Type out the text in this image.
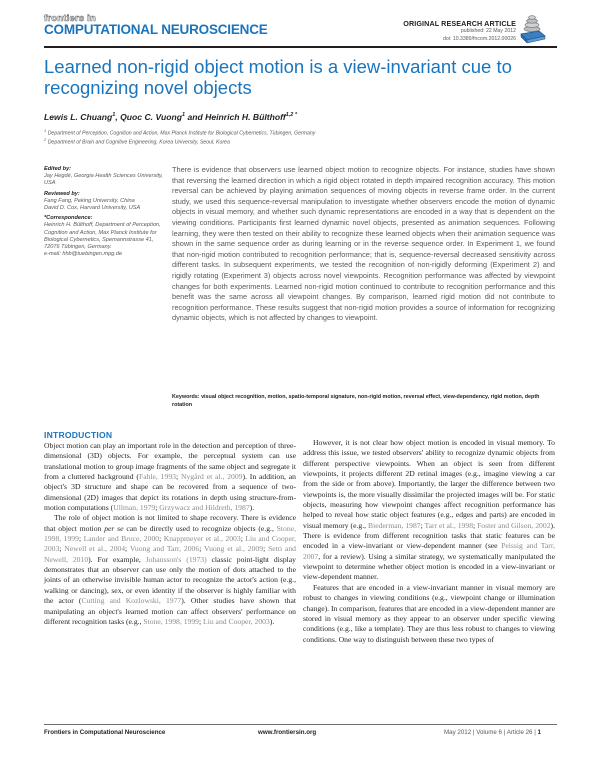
frontiers in
COMPUTATIONAL NEUROSCIENCE	ORIGINAL RESEARCH ARTICLE
published: 22 May 2012
doi: 10.3389/fncom.2012.00026
Learned non-rigid object motion is a view-invariant cue to recognizing novel objects
Lewis L. Chuang$^1$, Quoc C. Vuong$^1$ and Heinrich H. Bülthoff$^{1,2 *}$
$^1$ Department of Perception, Cognition and Action, Max Planck Institute for Biological Cybernetics, Tübingen, Germany
$^2$ Department of Brain and Cognitive Engineering, Korea University, Seoul, Korea
Edited by:
Jay Hegdé, Georgia Health Sciences University, USA
Reviewed by:
Fang Fang, Peking University, China
David D. Cox, Harvard University, USA
*Correspondence:
Heinrich H. Bülthoff, Department of Perception, Cognition and Action, Max Planck Institute for Biological Cybernetics, Spemannstrasse 41, 72076 Tübingen, Germany.
e-mail: hhb@tuebingen.mpg.de
There is evidence that observers use learned object motion to recognize objects. For instance, studies have shown that reversing the learned direction in which a rigid object rotated in depth impaired recognition accuracy. This motion reversal can be achieved by playing animation sequences of moving objects in reverse frame order. In the current study, we used this sequence-reversal manipulation to investigate whether observers encode the motion of dynamic objects in visual memory, and whether such dynamic representations are encoded in a way that is dependent on the viewing conditions. Participants first learned dynamic novel objects, presented as animation sequences. Following learning, they were then tested on their ability to recognize these learned objects when their animation sequence was shown in the same sequence order as during learning or in the reverse sequence order. In Experiment 1, we found that non-rigid motion contributed to recognition performance; that is, sequence-reversal decreased sensitivity across different tasks. In subsequent experiments, we tested the recognition of non-rigidly deforming (Experiment 2) and rigidly rotating (Experiment 3) objects across novel viewpoints. Recognition performance was affected by viewpoint changes for both experiments. Learned non-rigid motion continued to contribute to recognition performance and this benefit was the same across all viewpoint changes. By comparison, learned rigid motion did not contribute to recognition performance. These results suggest that non-rigid motion provides a source of information for recognizing dynamic objects, which is not affected by changes to viewpoint.
Keywords: visual object recognition, motion, spatio-temporal signature, non-rigid motion, reversal effect, view-dependency, rigid motion, depth rotation
INTRODUCTION

Object motion can play an important role in the detection and perception of three-dimensional (3D) objects. For example, the perceptual system can use translational motion to group image fragments of the same object and segregate it from a cluttered background (Fahle, 1993; Nygård et al., 2009). In addition, an object's 3D structure and shape can be recovered from a sequence of two-dimensional (2D) images that depict its rotations in depth using structure-from-motion computations (Ullman, 1979; Grzywacz and Hildreth, 1987).

The role of object motion is not limited to shape recovery. There is evidence that object motion per se can be directly used to recognize objects (e.g., Stone, 1998, 1999; Lander and Bruce, 2000; Knappmeyer et al., 2003; Liu and Cooper, 2003; Newell et al., 2004; Vuong and Tarr, 2006; Vuong et al., 2009; Setti and Newell, 2010). For example, Johansson's (1973) classic point-light display demonstrates that an observer can use only the motion of dots attached to the joints of an otherwise invisible human actor to recognize the actor's action (e.g., walking or dancing), sex, or even identity if the observer is highly familiar with the actor (Cutting and Kozlowski, 1977). Other studies have shown that manipulating an object's learned motion can affect observers' performance on different recognition tasks (e.g., Stone, 1998, 1999; Liu and Cooper, 2003).

However, it is not clear how object motion is encoded in visual memory. To address this issue, we tested observers' ability to recognize dynamic objects from different perspective viewpoints. When an object is seen from different viewpoints, it projects different 2D retinal images (e.g., imagine viewing a car from the side or from above). Importantly, the larger the difference between two viewpoints is, the more visually dissimilar the projected images will be. For static objects, measuring how viewpoint changes affect recognition performance has helped to reveal how static object features (e.g., edges and parts) are encoded in visual memory (e.g., Biederman, 1987; Tarr et al., 1998; Foster and Gilson, 2002). There is evidence from different recognition tasks that static features can be encoded in a view-invariant or view-dependent manner (see Peissig and Tarr, 2007, for a review). Using a similar strategy, we systematically manipulated the viewpoint to determine whether object motion is encoded in a view-invariant or view-dependent manner.

Features that are encoded in a view-invariant manner in visual memory are robust to changes in viewing conditions (e.g., viewpoint change or illumination change). In comparison, features that are encoded in a view-dependent manner are stored in visual memory as they appear to an observer under specific viewing conditions (e.g., like a template). They are thus less robust to changes to viewing conditions. One way to distinguish between these two types of

Frontiers in Computational Neuroscience	www.frontiersin.org	May 2012 | Volume 6 | Article 26 | 1
